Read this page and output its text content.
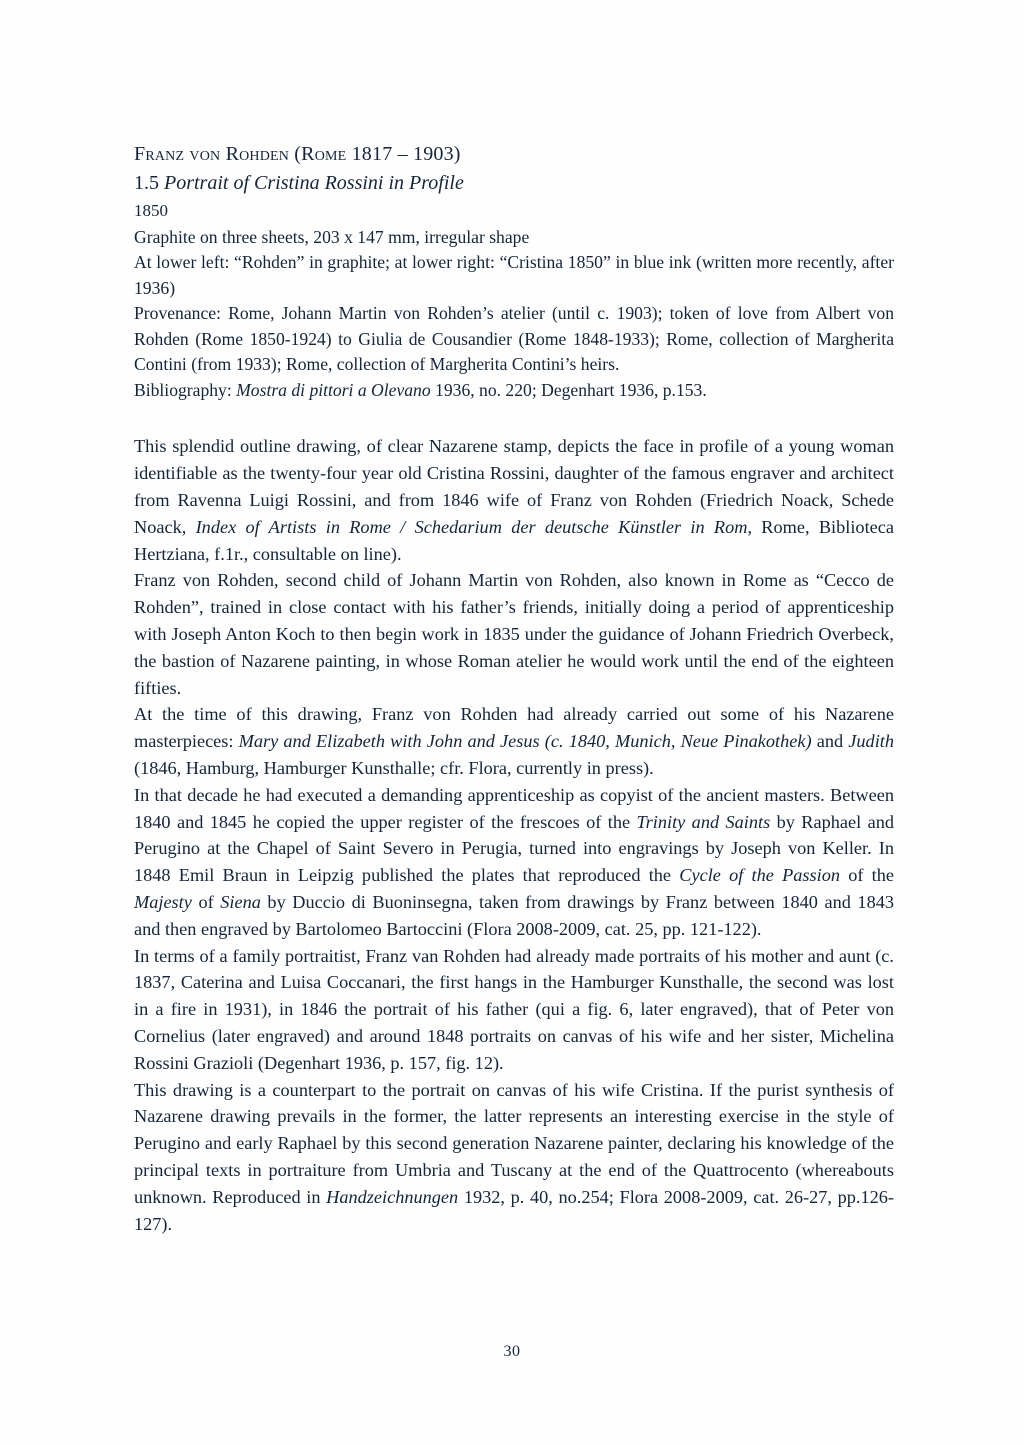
Franz von Rohden (Rome 1817 – 1903)
1.5 Portrait of Cristina Rossini in Profile
1850

Graphite on three sheets, 203 x 147 mm, irregular shape

At lower left: “Rohden” in graphite; at lower right: “Cristina 1850” in blue ink (written more recently, after 1936)

Provenance: Rome, Johann Martin von Rohden’s atelier (until c. 1903); token of love from Albert von Rohden (Rome 1850-1924) to Giulia de Cousandier (Rome 1848-1933); Rome, collection of Margherita Contini (from 1933); Rome, collection of Margherita Contini’s heirs.

Bibliography: Mostra di pittori a Olevano 1936, no. 220; Degenhart 1936, p.153.

This splendid outline drawing, of clear Nazarene stamp, depicts the face in profile of a young woman identifiable as the twenty-four year old Cristina Rossini, daughter of the famous engraver and architect from Ravenna Luigi Rossini, and from 1846 wife of Franz von Rohden (Friedrich Noack, Schede Noack, Index of Artists in Rome / Schedarium der deutsche Künstler in Rom, Rome, Biblioteca Hertziana, f.1r., consultable on line).

Franz von Rohden, second child of Johann Martin von Rohden, also known in Rome as “Cecco de Rohden”, trained in close contact with his father’s friends, initially doing a period of apprenticeship with Joseph Anton Koch to then begin work in 1835 under the guidance of Johann Friedrich Overbeck, the bastion of Nazarene painting, in whose Roman atelier he would work until the end of the eighteen fifties.

At the time of this drawing, Franz von Rohden had already carried out some of his Nazarene masterpieces: Mary and Elizabeth with John and Jesus (c. 1840, Munich, Neue Pinakothek) and Judith (1846, Hamburg, Hamburger Kunsthalle; cfr. Flora, currently in press).

In that decade he had executed a demanding apprenticeship as copyist of the ancient masters. Between 1840 and 1845 he copied the upper register of the frescoes of the Trinity and Saints by Raphael and Perugino at the Chapel of Saint Severo in Perugia, turned into engravings by Joseph von Keller. In 1848 Emil Braun in Leipzig published the plates that reproduced the Cycle of the Passion of the Majesty of Siena by Duccio di Buoninsegna, taken from drawings by Franz between 1840 and 1843 and then engraved by Bartolomeo Bartoccini (Flora 2008-2009, cat. 25, pp. 121-122).

In terms of a family portraitist, Franz van Rohden had already made portraits of his mother and aunt (c. 1837, Caterina and Luisa Coccanari, the first hangs in the Hamburger Kunsthalle, the second was lost in a fire in 1931), in 1846 the portrait of his father (qui a fig. 6, later engraved), that of Peter von Cornelius (later engraved) and around 1848 portraits on canvas of his wife and her sister, Michelina Rossini Grazioli (Degenhart 1936, p. 157, fig. 12).

This drawing is a counterpart to the portrait on canvas of his wife Cristina. If the purist synthesis of Nazarene drawing prevails in the former, the latter represents an interesting exercise in the style of Perugino and early Raphael by this second generation Nazarene painter, declaring his knowledge of the principal texts in portraiture from Umbria and Tuscany at the end of the Quattrocento (whereabouts unknown. Reproduced in Handzeichnungen 1932, p. 40, no.254; Flora 2008-2009, cat. 26-27, pp.126-127).

30
